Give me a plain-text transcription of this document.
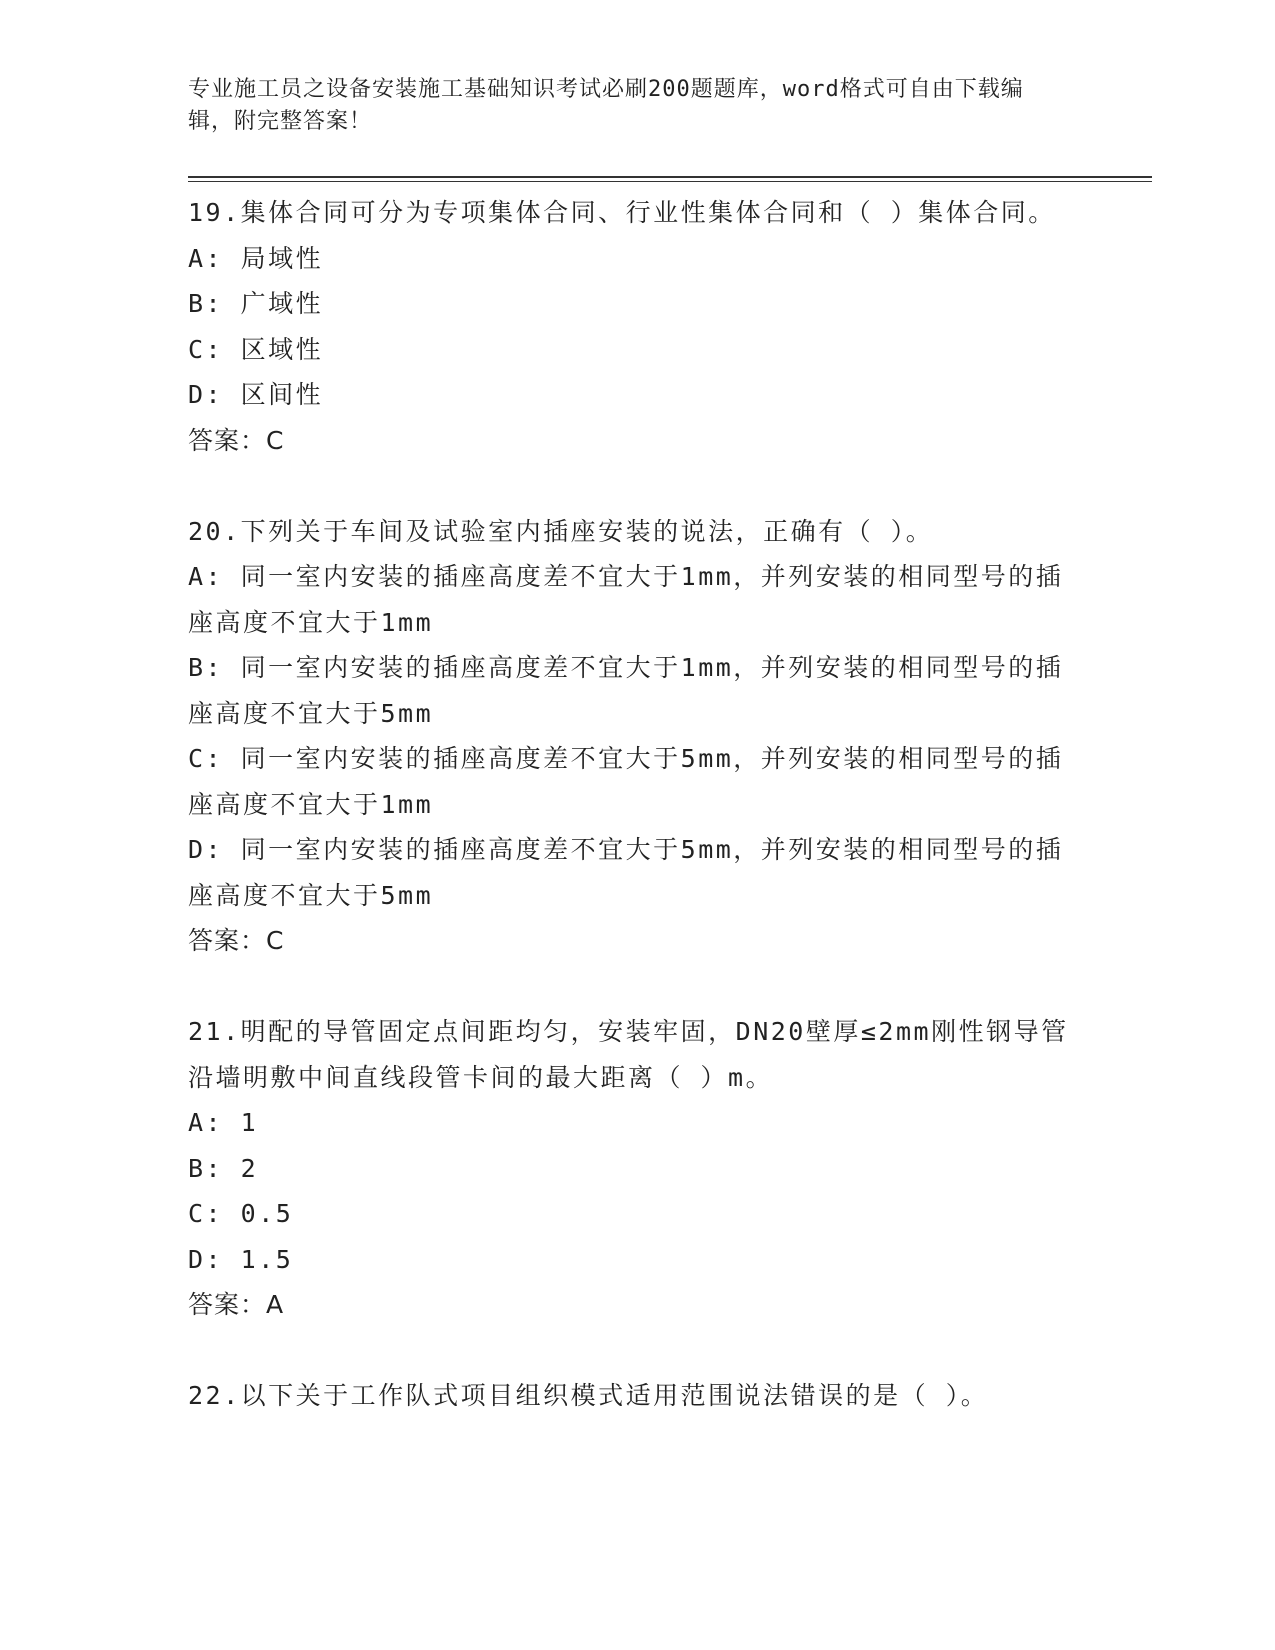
专业施工员之设备安装施工基础知识考试必刷200题题库，word格式可自由下载编辑，附完整答案！
19.集体合同可分为专项集体合同、行业性集体合同和（ ）集体合同。
A: 局域性
B: 广域性
C: 区域性
D: 区间性
答案：C
20.下列关于车间及试验室内插座安装的说法，正确有（ ）。
A: 同一室内安装的插座高度差不宜大于1mm，并列安装的相同型号的插座高度不宜大于1mm
B: 同一室内安装的插座高度差不宜大于1mm，并列安装的相同型号的插座高度不宜大于5mm
C: 同一室内安装的插座高度差不宜大于5mm，并列安装的相同型号的插座高度不宜大于1mm
D: 同一室内安装的插座高度差不宜大于5mm，并列安装的相同型号的插座高度不宜大于5mm
答案：C
21.明配的导管固定点间距均匀，安装牢固，DN20壁厚≤2mm刚性钢导管沿墙明敷中间直线段管卡间的最大距离（ ）m。
A: 1
B: 2
C: 0.5
D: 1.5
答案：A
22.以下关于工作队式项目组织模式适用范围说法错误的是（ ）。
